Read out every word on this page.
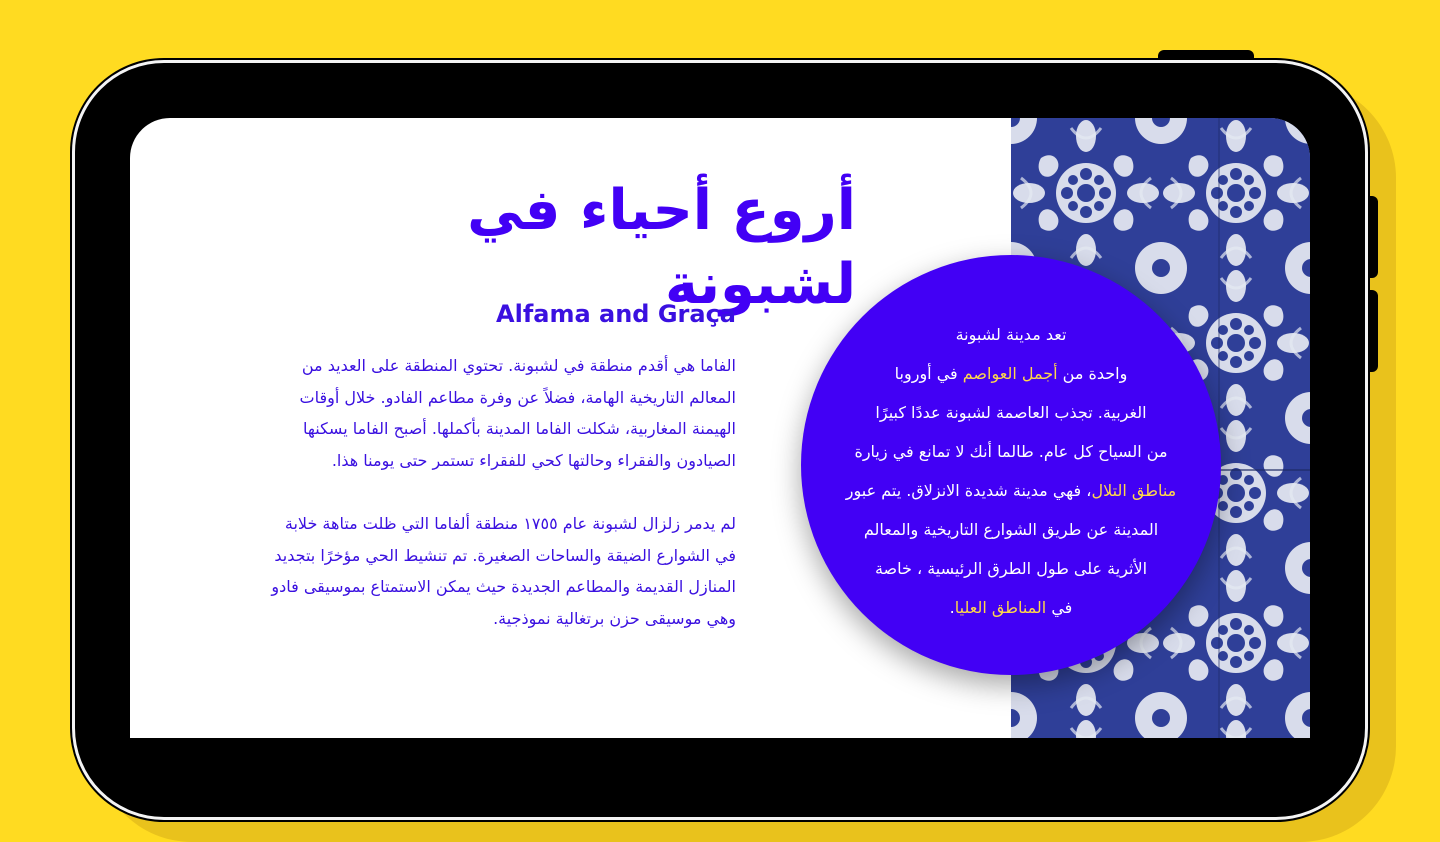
أروع أحياء في لشبونة
Alfama and Graça

الفاما هي أقدم منطقة في لشبونة. تحتوي المنطقة على العديد من المعالم التاريخية الهامة، فضلاً عن وفرة مطاعم الفادو. خلال أوقات الهيمنة المغاربية، شكلت الفاما المدينة بأكملها. أصبح الفاما يسكنها الصيادون والفقراء وحالتها كحي للفقراء تستمر حتى يومنا هذا.

لم يدمر زلزال لشبونة عام ١٧٥٥ منطقة ألفاما التي ظلت متاهة خلابة في الشوارع الضيقة والساحات الصغيرة. تم تنشيط الحي مؤخرًا بتجديد المنازل القديمة والمطاعم الجديدة حيث يمكن الاستمتاع بموسيقى فادو وهي موسيقى حزن برتغالية نموذجية.

تعد مدينة لشبونة
واحدة من أجمل العواصم في أوروبا
الغربية. تجذب العاصمة لشبونة عددًا كبيرًا
من السياح كل عام. طالما أنك لا تمانع في زيارة
مناطق التلال، فهي مدينة شديدة الانزلاق. يتم عبور
المدينة عن طريق الشوارع التاريخية والمعالم
الأثرية على طول الطرق الرئيسية ، خاصة
في المناطق العليا.
